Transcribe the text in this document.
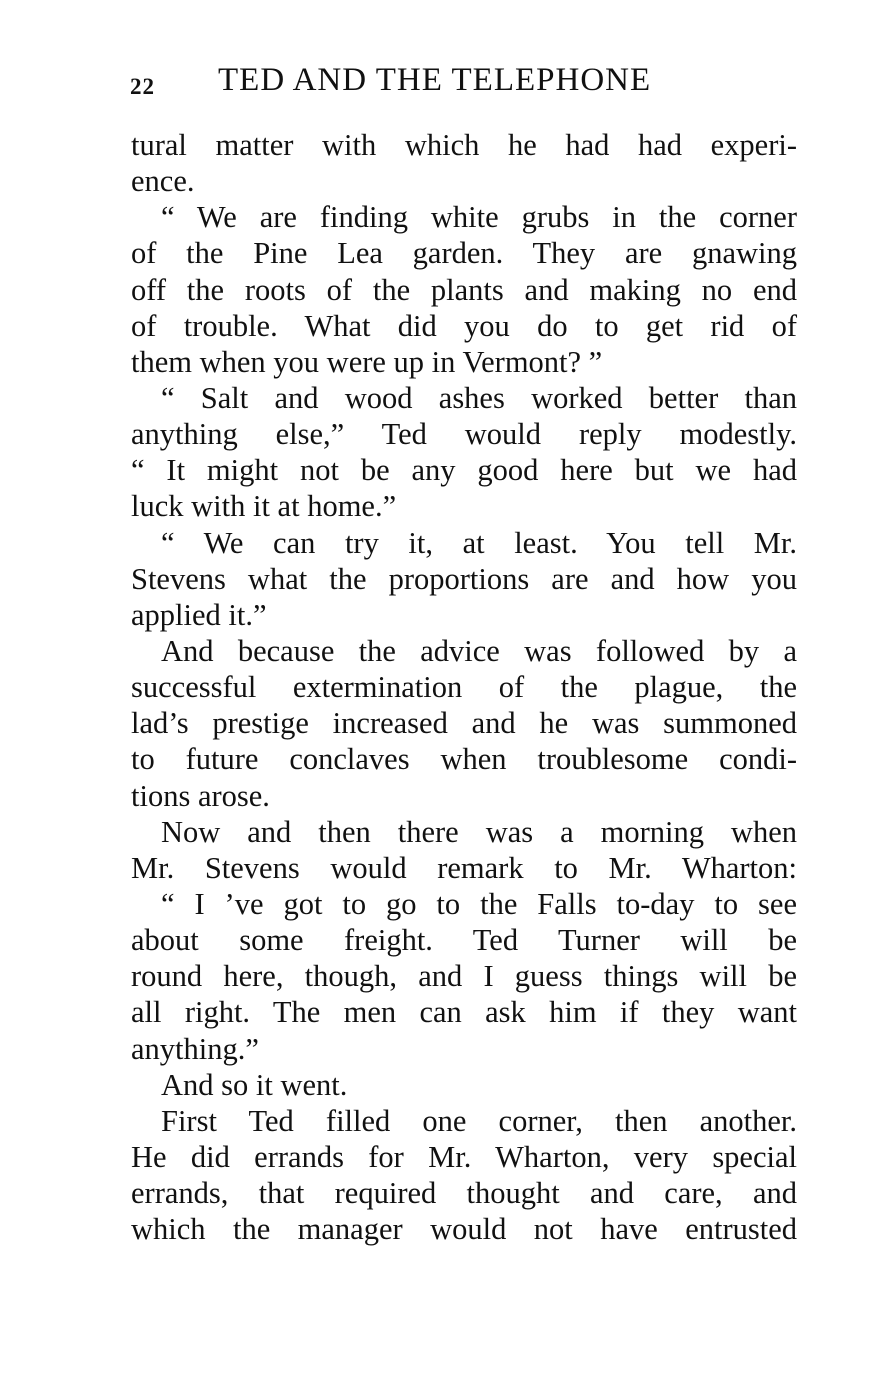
22 TED AND THE TELEPHONE
tural matter with which he had had experi-
ence.
“ We are finding white grubs in the corner
of the Pine Lea garden. They are gnawing
off the roots of the plants and making no end
of trouble. What did you do to get rid of
them when you were up in Vermont? ”
“ Salt and wood ashes worked better than
anything else,” Ted would reply modestly.
“ It might not be any good here but we had
luck with it at home.”
“ We can try it, at least. You tell Mr.
Stevens what the proportions are and how you
applied it.”
And because the advice was followed by a
successful extermination of the plague, the
lad’s prestige increased and he was summoned
to future conclaves when troublesome condi-
tions arose.
Now and then there was a morning when
Mr. Stevens would remark to Mr. Wharton:
“ I ’ve got to go to the Falls to-day to see
about some freight. Ted Turner will be
round here, though, and I guess things will be
all right. The men can ask him if they want
anything.”
And so it went.
First Ted filled one corner, then another.
He did errands for Mr. Wharton, very special
errands, that required thought and care, and
which the manager would not have entrusted
